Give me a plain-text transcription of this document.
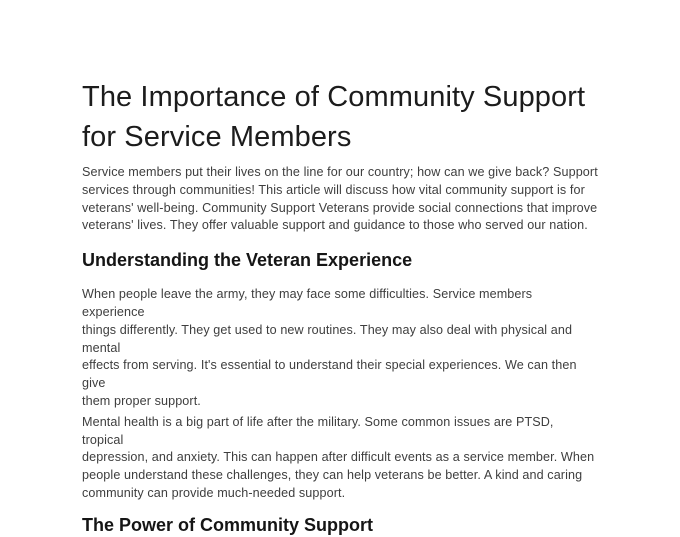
The Importance of Community Support
for Service Members

Service members put their lives on the line for our country; how can we give back? Support
services through communities! This article will discuss how vital community support is for
veterans' well-being. Community Support Veterans provide social connections that improve
veterans' lives. They offer valuable support and guidance to those who served our nation.

Understanding the Veteran Experience

When people leave the army, they may face some difficulties. Service members experience
things differently. They get used to new routines. They may also deal with physical and mental
effects from serving. It's essential to understand their special experiences. We can then give
them proper support.

Mental health is a big part of life after the military. Some common issues are PTSD, tropical
depression, and anxiety. This can happen after difficult events as a service member. When
people understand these challenges, they can help veterans be better. A kind and caring
community can provide much-needed support.

The Power of Community Support
